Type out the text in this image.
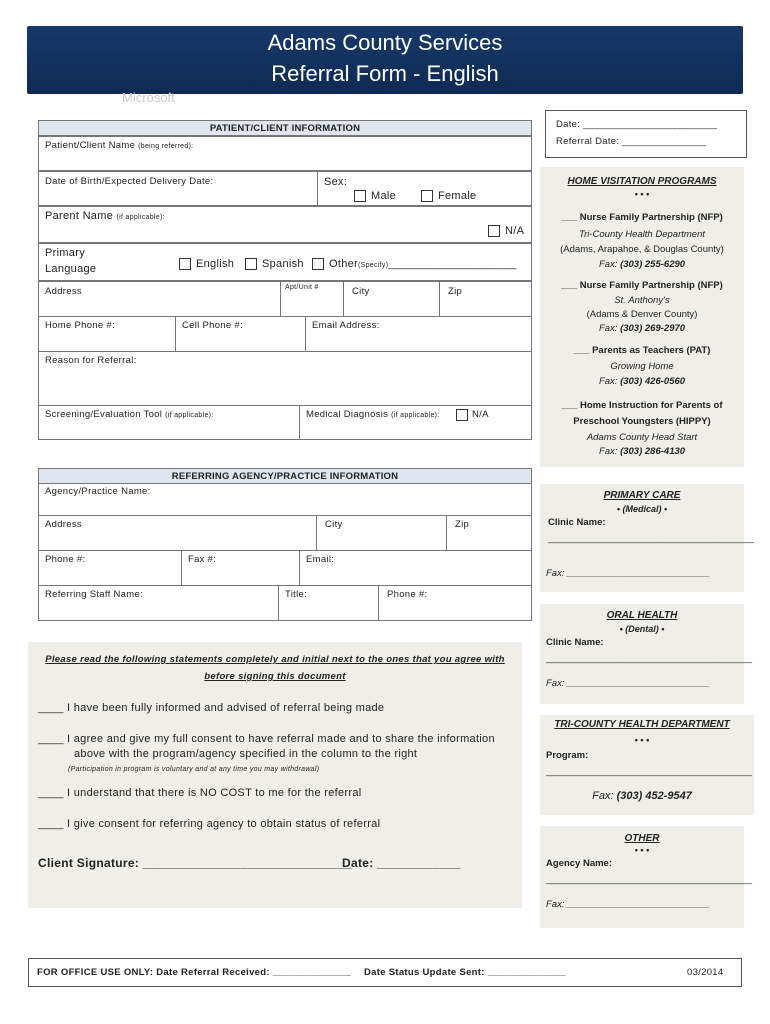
Adams County Services
Referral Form - English
Microsoft
Date: ________________________
Referral Date: _______________
PATIENT/CLIENT INFORMATION
Patient/Client Name (being referred):
Date of Birth/Expected Delivery Date:	Sex:
Male	Female
Parent Name (if applicable):
N/A
Primary
Language	English	Spanish Other(Specify)____________________
Address	Apt/Unit #	City	Zip
Home Phone #:	Cell Phone #:	Email Address:
Reason for Referral:
Screening/Evaluation Tool (if applicable):	Medical Diagnosis (if applicable):	N/A
REFERRING AGENCY/PRACTICE INFORMATION
Agency/Practice Name:
Address	City	Zip
Phone #:	Fax #:	Email:
Referring Staff Name:	Title:	Phone #:
Please read the following statements completely and initial next to the ones that you agree with
before signing this document
____ I have been fully informed and advised of referral being made
____ I agree and give my full consent to have referral made and to share the information
above with the program/agency specified in the column to the right
(Participation in program is voluntary and at any time you may withdrawal)
____ I understand that there is NO COST to me for the referral
____ I give consent for referring agency to obtain status of referral
Client Signature: ______________________________
Date: ____________
HOME VISITATION PROGRAMS
• • •
___ Nurse Family Partnership (NFP)
Tri-County Health Department
(Adams, Arapahoe, & Douglas County)
Fax: (303) 255-6290
___ Nurse Family Partnership (NFP)
St. Anthony's
(Adams & Denver County)
Fax: (303) 269-2970
___ Parents as Teachers (PAT)
Growing Home
Fax: (303) 426-0560
___ Home Instruction for Parents of
Preschool Youngsters (HIPPY)
Adams County Head Start
Fax: (303) 286-4130
PRIMARY CARE
• (Medical) •
Clinic Name:
_______________________________________
Fax: ___________________________
ORAL HEALTH
• (Dental) •
Clinic Name:
_______________________________________
Fax: ___________________________
TRI-COUNTY HEALTH DEPARTMENT
• • •
Program:
_______________________________________
Fax: (303) 452-9547
OTHER
• • •
Agency Name:
_______________________________________
Fax: ___________________________
FOR OFFICE USE ONLY: Date Referral Received: ______________ Date Status Update Sent: ______________	03/2014
